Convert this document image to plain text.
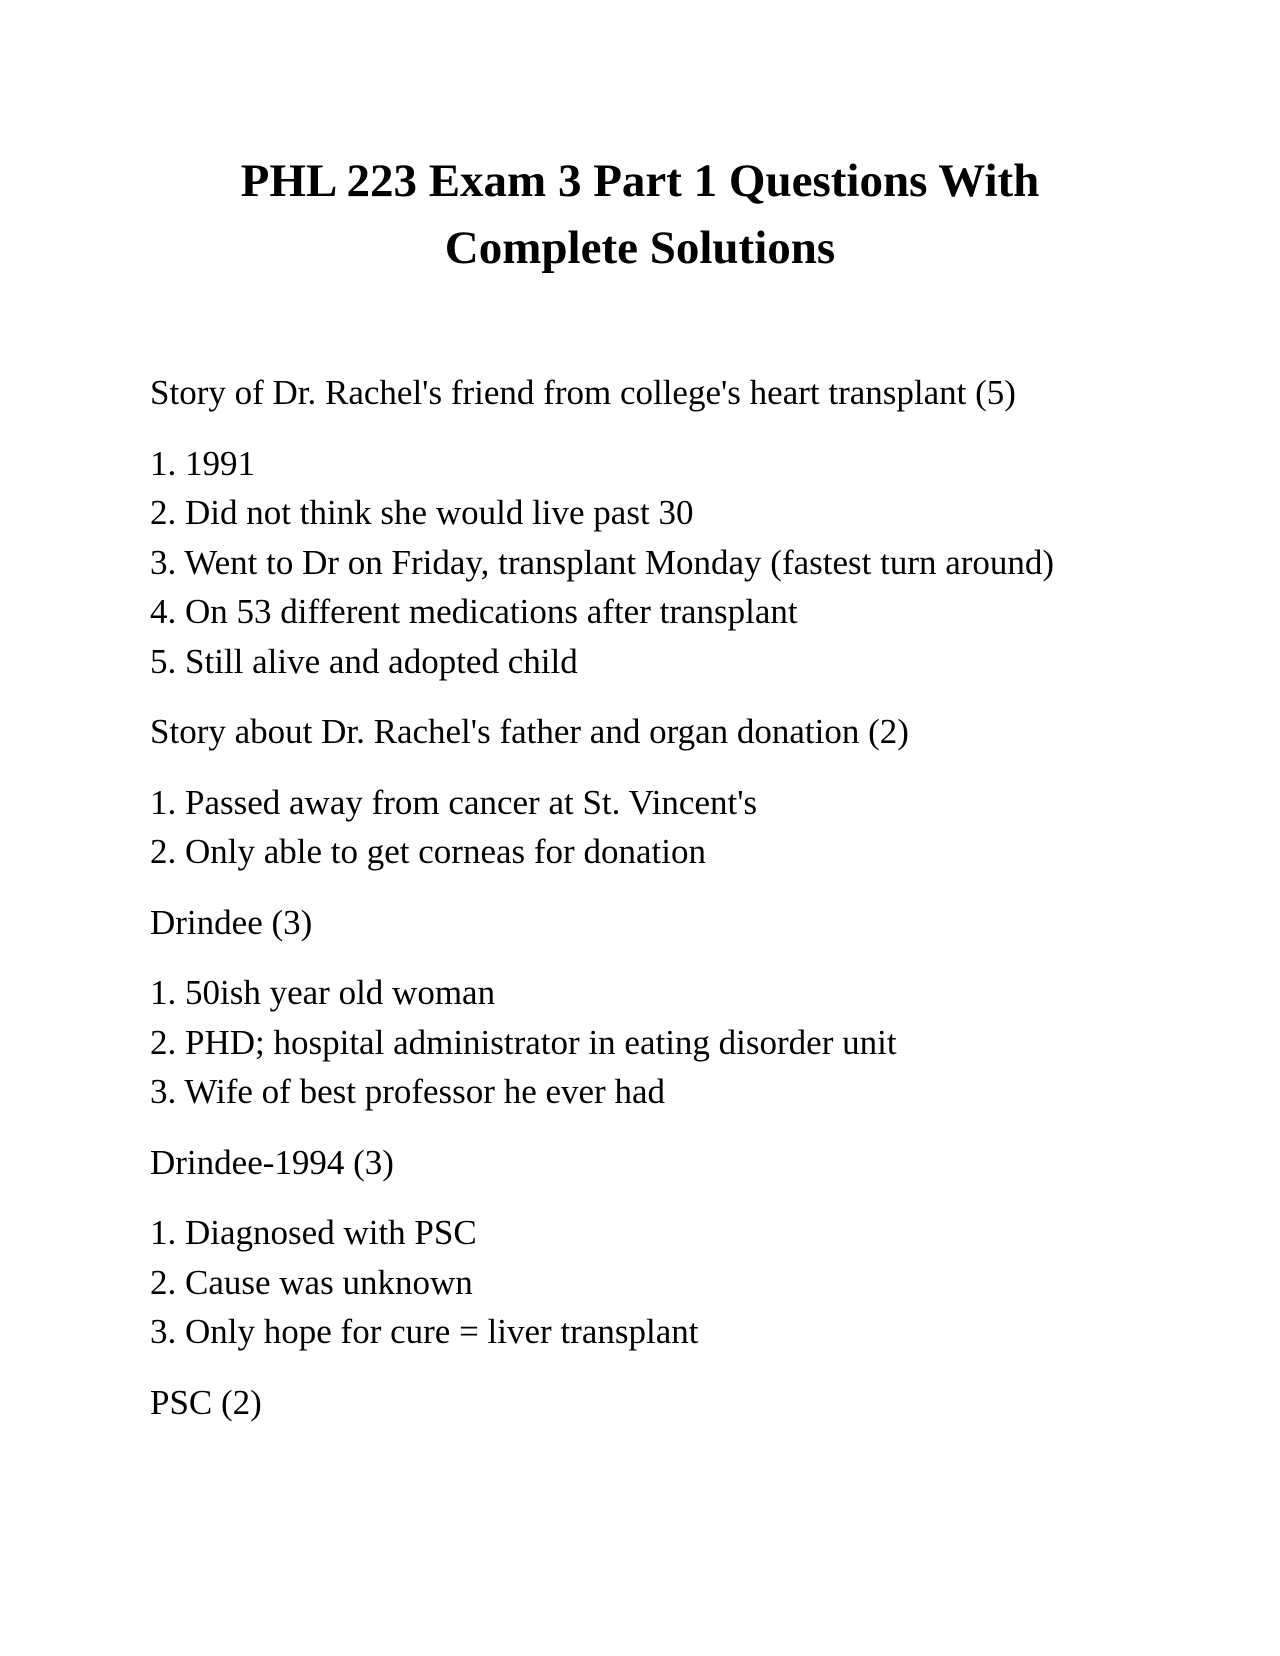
PHL 223 Exam 3 Part 1 Questions With
Complete Solutions

Story of Dr. Rachel's friend from college's heart transplant (5)

1. 1991
2. Did not think she would live past 30
3. Went to Dr on Friday, transplant Monday (fastest turn around)
4. On 53 different medications after transplant
5. Still alive and adopted child

Story about Dr. Rachel's father and organ donation (2)

1. Passed away from cancer at St. Vincent's
2. Only able to get corneas for donation

Drindee (3)

1. 50ish year old woman
2. PHD; hospital administrator in eating disorder unit
3. Wife of best professor he ever had

Drindee-1994 (3)

1. Diagnosed with PSC
2. Cause was unknown
3. Only hope for cure = liver transplant

PSC (2)
